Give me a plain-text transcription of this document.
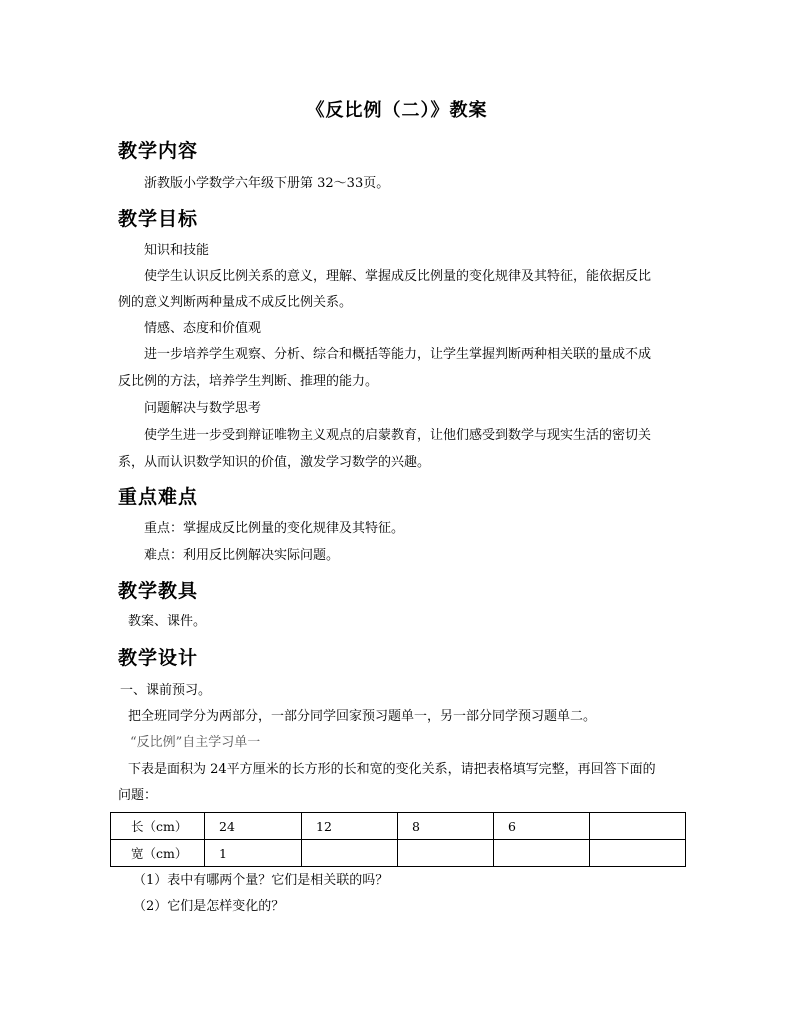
《反比例（二）》教案
教学内容
浙教版小学数学六年级下册第 32～33页。
教学目标
知识和技能
使学生认识反比例关系的意义，理解、掌握成反比例量的变化规律及其特征，能依据反比
例的意义判断两种量成不成反比例关系。
情感、态度和价值观
进一步培养学生观察、分析、综合和概括等能力，让学生掌握判断两种相关联的量成不成
反比例的方法，培养学生判断、推理的能力。
问题解决与数学思考
使学生进一步受到辩证唯物主义观点的启蒙教育，让他们感受到数学与现实生活的密切关
系，从而认识数学知识的价值，激发学习数学的兴趣。
重点难点
重点：掌握成反比例量的变化规律及其特征。
难点：利用反比例解决实际问题。
教学教具
教案、课件。
教学设计
一、课前预习。
把全班同学分为两部分，一部分同学回家预习题单一，另一部分同学预习题单二。
“反比例”自主学习单一
下表是面积为 24平方厘米的长方形的长和宽的变化关系，请把表格填写完整，再回答下面的
问题：
长（cm）	24	12	8	6	
宽（cm）	1				
（1）表中有哪两个量？它们是相关联的吗？
（2）它们是怎样变化的？
